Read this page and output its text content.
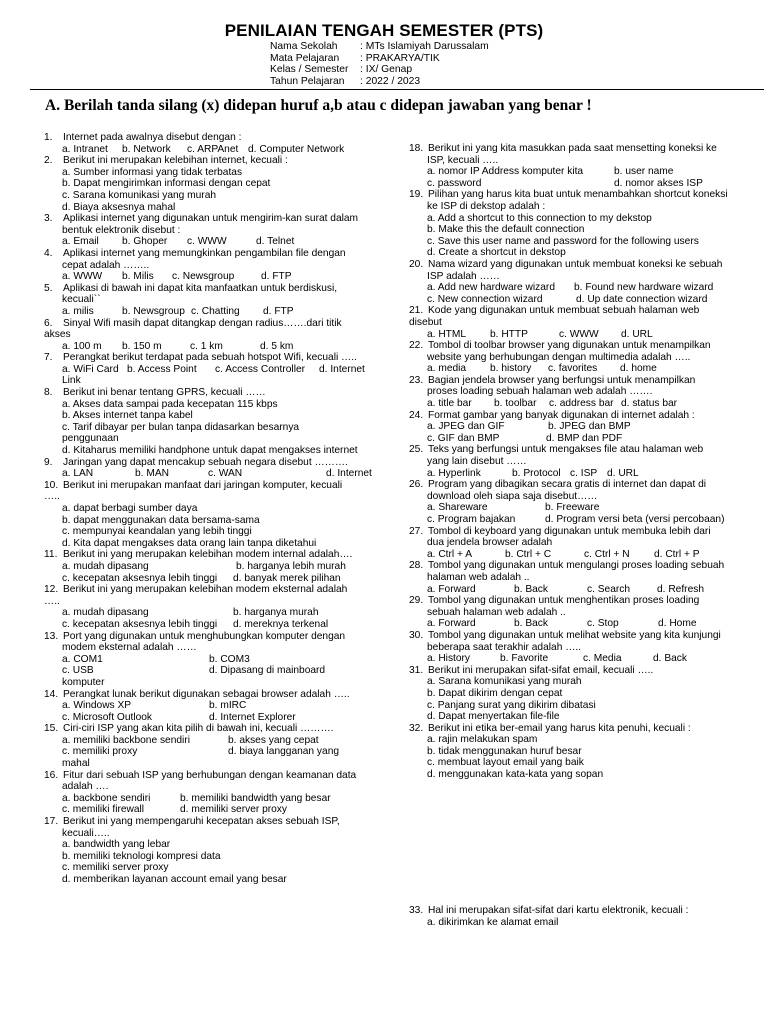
PENILAIAN TENGAH SEMESTER (PTS)
Nama Sekolah	: MTs Islamiyah Darussalam
Mata Pelajaran	: PRAKARYA/TIK
Kelas / Semester	: IX/ Genap
Tahun Pelajaran	: 2022 / 2023
A. Berilah tanda silang (x) didepan huruf a,b atau c didepan jawaban yang benar !
1.	Internet pada awalnya disebut dengan :
a. Intranet	b. Network	c. ARPAnet d. Computer Network
2.	Berikut ini merupakan kelebihan internet, kecuali :
a. Sumber informasi yang tidak terbatas
b. Dapat mengirimkan informasi dengan cepat
c. Sarana komunikasi yang murah
d. Biaya aksesnya mahal
3.	Aplikasi internet yang digunakan untuk mengirim-kan surat dalam
bentuk elektronik disebut :
a. Email	b. Ghoper	c. WWW	d. Telnet
4.	Aplikasi internet yang memungkinkan pengambilan file dengan
cepat adalah ……..
a. WWW	b. Milis	c. Newsgroup	d. FTP
5.	Aplikasi di bawah ini dapat kita manfaatkan untuk berdiskusi,
kecuali``
a. milis	b. Newsgroup c. Chatting	d. FTP
6.	Sinyal Wifi masih dapat ditangkap dengan radius…….dari titik
akses
a. 100 m	b. 150 m	c. 1 km	d. 5 km
7.	Perangkat berikut terdapat pada sebuah hotspot Wifi, kecuali …..
a. WiFi Card b. Access Point	c. Access Controller	d. Internet
Link
8.	Berikut ini benar tentang GPRS, kecuali ……
a. Akses data sampai pada kecepatan 115 kbps
b. Akses internet tanpa kabel
c. Tarif dibayar per bulan tanpa didasarkan besarnya
penggunaan
d. Kitaharus memiliki handphone untuk dapat mengakses internet
9.	Jaringan yang dapat mencakup sebuah negara disebut ……….
a. LAN	b. MAN	c. WAN	d. Internet
10. Berikut ini merupakan manfaat dari jaringan komputer, kecuali
…..
a. dapat berbagi sumber daya
b. dapat menggunakan data bersama-sama
c. mempunyai keandalan yang lebih tinggi
d. Kita dapat mengakses data orang lain tanpa diketahui
11. Berikut ini yang merupakan kelebihan modem internal adalah….
a. mudah dipasang	b. harganya lebih murah
c. kecepatan aksesnya lebih tinggi	d. banyak merek pilihan
12. Berikut ini yang merupakan kelebihan modem eksternal adalah
…..
a. mudah dipasang	b. harganya murah
c. kecepatan aksesnya lebih tinggi	d. mereknya terkenal
13. Port yang digunakan untuk menghubungkan komputer dengan
modem eksternal adalah ……
a. COM1	b. COM3
c. USB	d. Dipasang di mainboard
komputer
14. Perangkat lunak berikut digunakan sebagai browser adalah …..
a. Windows XP	b. mIRC
c. Microsoft Outlook	d. Internet Explorer
15. Ciri-ciri ISP yang akan kita pilih di bawah ini, kecuali ……….
a. memiliki backbone sendiri	b. akses yang cepat
c. memiliki proxy	d. biaya langganan yang
mahal
16. Fitur dari sebuah ISP yang berhubungan dengan keamanan data
adalah ….
a. backbone sendiri	b. memiliki bandwidth yang besar
c. memiliki firewall	d. memiliki server proxy
17. Berikut ini yang mempengaruhi kecepatan akses sebuah ISP,
kecuali…..
a. bandwidth yang lebar
b. memiliki teknologi kompresi data
c. memiliki server proxy
d. memberikan layanan account email yang besar
18. Berikut ini yang kita masukkan pada saat mensetting koneksi ke
ISP, kecuali …..
a. nomor IP Address komputer kita	b. user name
c. password	d. nomor akses ISP
19. Pilihan yang harus kita buat untuk menambahkan shortcut koneksi
ke ISP di dekstop adalah :
a. Add a shortcut to this connection to my dekstop
b. Make this the default connection
c. Save this user name and password for the following users
d. Create a shortcut in dekstop
20. Nama wizard yang digunakan untuk membuat koneksi ke sebuah
ISP adalah ……
a. Add new hardware wizard	b. Found new hardware wizard
c. New connection wizard	d. Up date connection wizard
21. Kode yang digunakan untuk membuat sebuah halaman web
disebut
a. HTML	b. HTTP	c. WWW	d. URL
22. Tombol di toolbar browser yang digunakan untuk menampilkan
website yang berhubungan dengan multimedia adalah …..
a. media	b. history	c. favorites	d. home
23. Bagian jendela browser yang berfungsi untuk menampilkan
proses loading sebuah halaman web adalah …….
a. title bar	b. toolbar	c. address bar d. status bar
24. Format gambar yang banyak digunakan di internet adalah :
a. JPEG dan GIF	b. JPEG dan BMP
c. GIF dan BMP	d. BMP dan PDF
25. Teks yang berfungsi untuk mengakses file atau halaman web
yang lain disebut ……
a. Hyperlink	b. Protocol c. ISP d. URL
26. Program yang dibagikan secara gratis di internet dan dapat di
download oleh siapa saja disebut……
a. Shareware	b. Freeware
c. Program bajakan	d. Program versi beta (versi percobaan)
27. Tombol di keyboard yang digunakan untuk membuka lebih dari
dua jendela browser adalah
a. Ctrl + A	b. Ctrl + C	c. Ctrl + N	d. Ctrl + P
28. Tombol yang digunakan untuk mengulangi proses loading sebuah
halaman web adalah ..
a. Forward	b. Back	c. Search	d. Refresh
29. Tombol yang digunakan untuk menghentikan proses loading
sebuah halaman web adalah ..
a. Forward	b. Back	c. Stop	d. Home
30. Tombol yang digunakan untuk melihat website yang kita kunjungi
beberapa saat terakhir adalah …..
a. History	b. Favorite	c. Media	d. Back
31. Berikut ini merupakan sifat-sifat email, kecuali …..
a. Sarana komunikasi yang murah
b. Dapat dikirim dengan cepat
c. Panjang surat yang dikirim dibatasi
d. Dapat menyertakan file-file
32. Berikut ini etika ber-email yang harus kita penuhi, kecuali :
a. rajin melakukan spam
b. tidak menggunakan huruf besar
c. membuat layout email yang baik
d. menggunakan kata-kata yang sopan
33. Hal ini merupakan sifat-sifat dari kartu elektronik, kecuali :
a. dikirimkan ke alamat email
